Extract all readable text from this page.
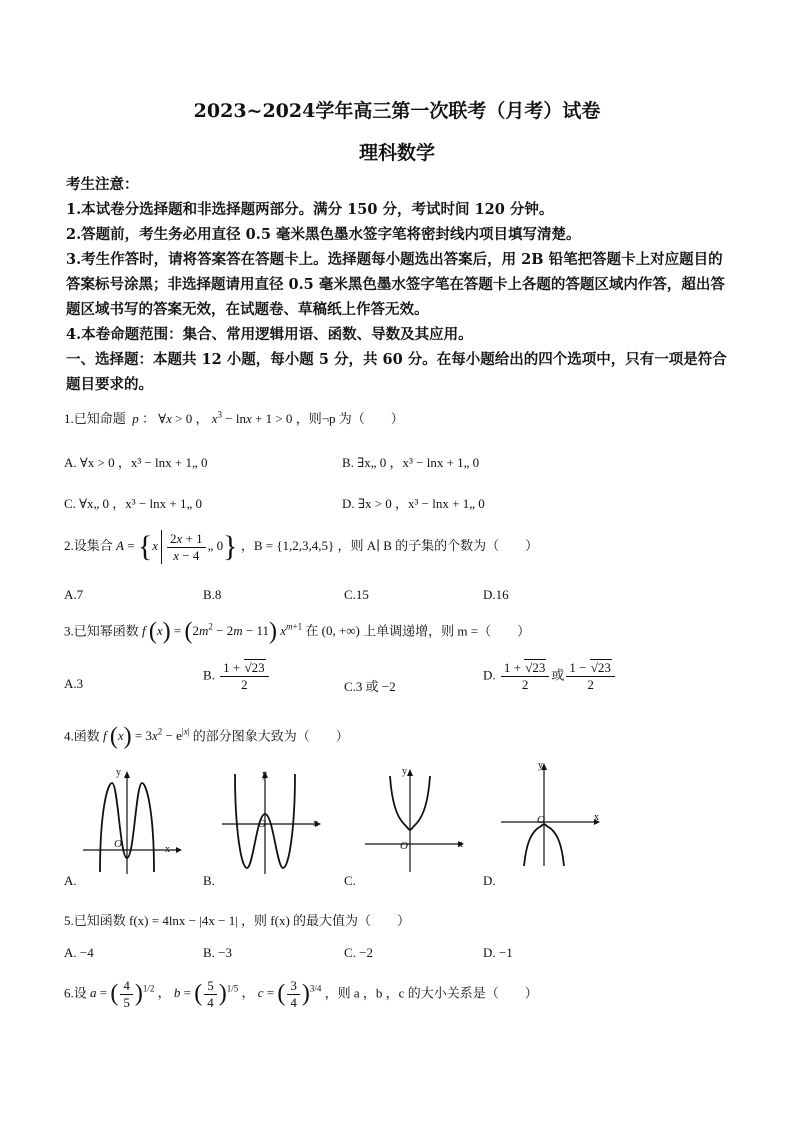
2023~2024学年高三第一次联考（月考）试卷
理科数学

考生注意：

1.本试卷分选择题和非选择题两部分。满分 150 分，考试时间 120 分钟。

2.答题前，考生务必用直径 0.5 毫米黑色墨水签字笔将密封线内项目填写清楚。

3.考生作答时，请将答案答在答题卡上。选择题每小题选出答案后，用 2B 铅笔把答题卡上对应题目的答案标号涂黑；非选择题请用直径 0.5 毫米黑色墨水签字笔在答题卡上各题的答题区域内作答，超出答题区域书写的答案无效，在试题卷、草稿纸上作答无效。

4.本卷命题范围：集合、常用逻辑用语、函数、导数及其应用。

一、选择题：本题共 12 小题，每小题 5 分，共 60 分。在每小题给出的四个选项中，只有一项是符合题目要求的。

1.已知命题 p ： ∀x > 0 ， $x^3 - \ln x + 1 > 0$ ，则¬p 为（　　）
A. ∀x > 0 ，x³ − lnx + 1„ 0	B. ∃x„ 0 ，x³ − lnx + 1„ 0
C. ∀x„ 0 ，x³ − lnx + 1„ 0	D. ∃x > 0 ，x³ − lnx + 1„ 0
2.设集合 $A = \{x \frac{2x + 1}{x - 4}$ „ 0} ，B = {1,2,3,4,5} ，则 A∣ B 的子集的个数为（　　）
A.7	B.8	C.15	D.16
3.已知幂函数 f $(x) = (2m^2 - 2m - 11)$ $x^{m+1}$ 在 (0, +∞) 上单调递增，则 m =（　　）
A.3
B. $\frac{1 + √23}{2}$	C.3 或 −2
D. $\frac{1 + √23}{2}$ 或 $\frac{1 - √23}{2}$
4.函数 f $(x) = 3x^2 - e^{|x|}$ 的部分图象大致为（　　）
y
x
O
A.
y
x
O
B.
y
x
O
C.
y
x
O
D.
5.已知函数 f(x) = 4lnx − |4x − 1| ，则 f(x) 的最大值为（　　）
A. −4	B. −3	C. −2	D. −1
6.设 a = ( $\frac{4}{5} )^{1/2}$ ， b = ( $\frac{5}{4} )^{1/5}$ ， c = ( $\frac{3}{4} )^{3/4}$ ，则 a ，b ，c 的大小关系是（　　）
